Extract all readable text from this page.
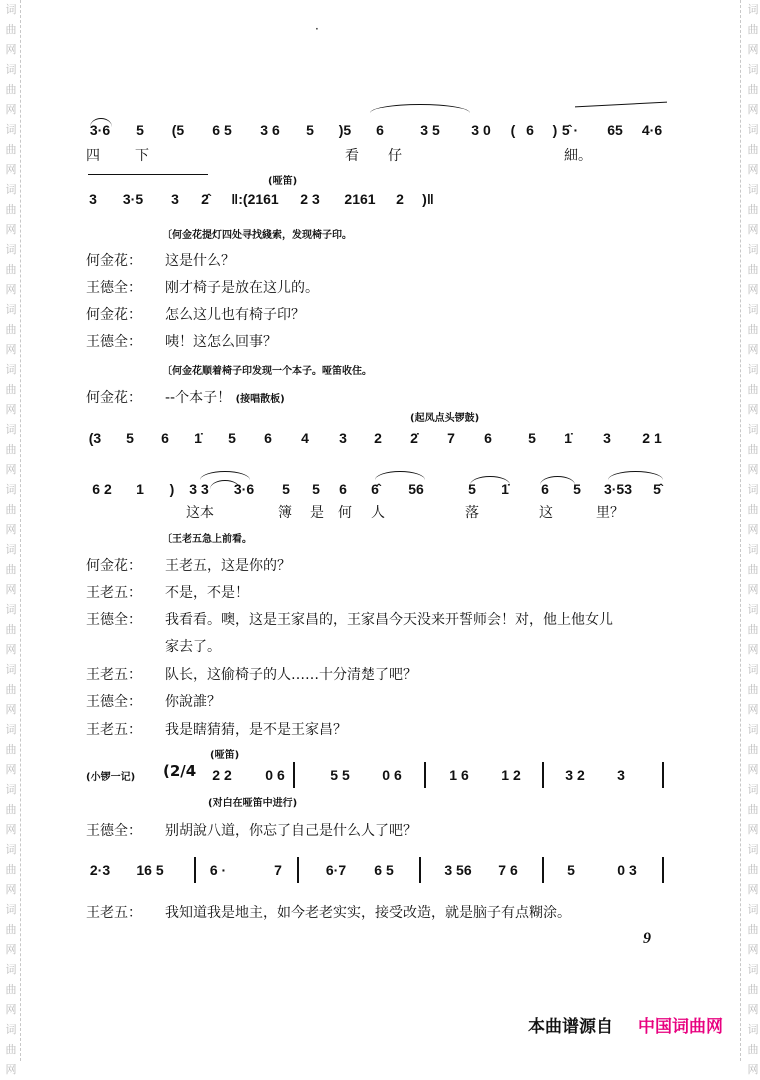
词
曲
网
词
曲
网
词
曲
网
词
曲
网
词
曲
网
词
曲
网
词
曲
网
词
曲
网
词
曲
网
词
曲
网
词
曲
网
词
曲
网
词
曲
网
词
曲
网
词
曲
网
词
曲
网
词
曲
网
词
曲
网
词
曲
网
词
曲
网
词
曲
网
词
曲
网
词
曲
网
词
曲
网
词
曲
网
词
曲
网
词
曲
网
词
曲
网
词
曲
网
词
曲
网
词
曲
网
词
曲
网
词
曲
网
词
曲
网
词
曲
网
词
曲
网
·
3·6 5 (5 6 5 3 6 5 )5 6	3 5 3 0 ( 6 ) 5̂ · 65 4·6
四	下	看 仔	細。
(哑笛)
3 3·5 3 2̂ ‖:(2161 2 3 2161 2 )‖
〔何金花提灯四处寻找綫索，发现椅子印。
何金花： 这是什么？
王德全： 刚才椅子是放在这儿的。
何金花： 怎么这儿也有椅子印？
王德全： 咦！这怎么回事？
〔何金花顺着椅子印发现一个本子。哑笛收住。
何金花： --个本子！ (接唱散板)
(起凤点头锣鼓)
(3 5 6 1̇ 5 6 4 3 2 2̇ 7 6	5 1̇ 3 2 1
6 2 1 ) 3 3 3·6 5 5 6 6̂ 56	5 1̇ 6 5 3·53 5̂
这本	簿 是 何 人	落	这	里？
〔王老五急上前看。
何金花： 王老五，这是你的？
王老五： 不是，不是！
王德全： 我看看。噢，这是王家昌的，王家昌今天没来开誓师会！对，他上他女儿
家去了。
王老五： 队长，这偷椅子的人……十分清楚了吧？
王德全： 你說誰？
王老五： 我是瞎猜猜，是不是王家昌？
(哑笛)
(小锣一记) (2/4 2 2 0 6	5 5 0 6	1 6 1 2	3 2 3
(对白在哑笛中进行)
王德全： 别胡說八道，你忘了自己是什么人了吧？
2·3 16 5	6 ·	7	6·7 6 5	3 56 7 6	5	0 3
王老五： 我知道我是地主，如今老老实实，接受改造，就是脑子有点糊涂。
9
本曲谱源自 中国词曲网
